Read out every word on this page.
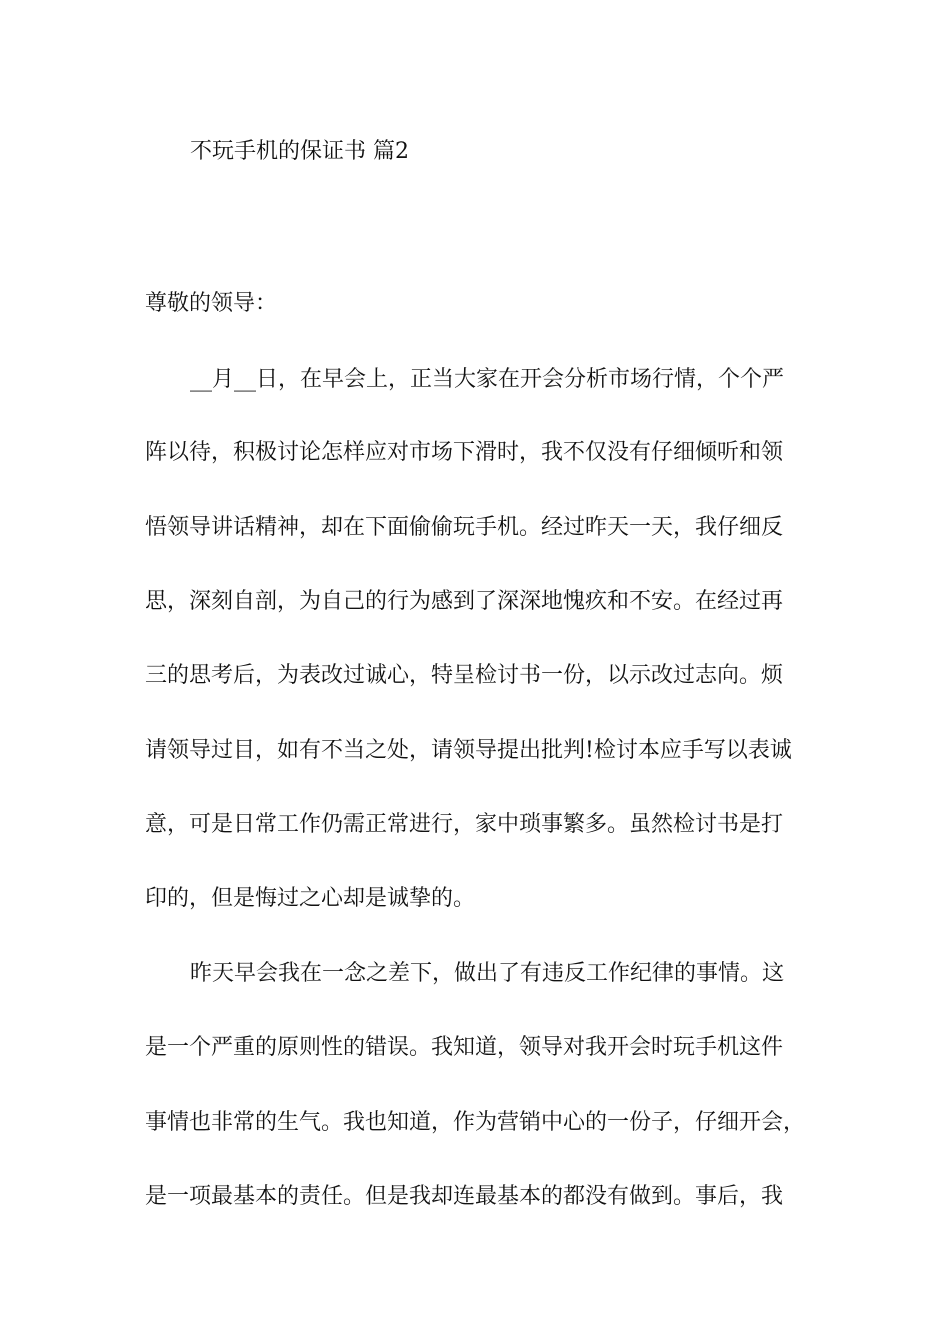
不玩手机的保证书 篇2

尊敬的领导：

__月__日，在早会上，正当大家在开会分析市场行情，个个严

阵以待，积极讨论怎样应对市场下滑时，我不仅没有仔细倾听和领

悟领导讲话精神，却在下面偷偷玩手机。经过昨天一天，我仔细反

思，深刻自剖，为自己的行为感到了深深地愧疚和不安。在经过再

三的思考后，为表改过诚心，特呈检讨书一份，以示改过志向。烦

请领导过目，如有不当之处，请领导提出批判!检讨本应手写以表诚

意，可是日常工作仍需正常进行，家中琐事繁多。虽然检讨书是打

印的，但是悔过之心却是诚挚的。

昨天早会我在一念之差下，做出了有违反工作纪律的事情。这

是一个严重的原则性的错误。我知道，领导对我开会时玩手机这件

事情也非常的生气。我也知道，作为营销中心的一份子，仔细开会，

是一项最基本的责任。但是我却连最基本的都没有做到。事后，我
